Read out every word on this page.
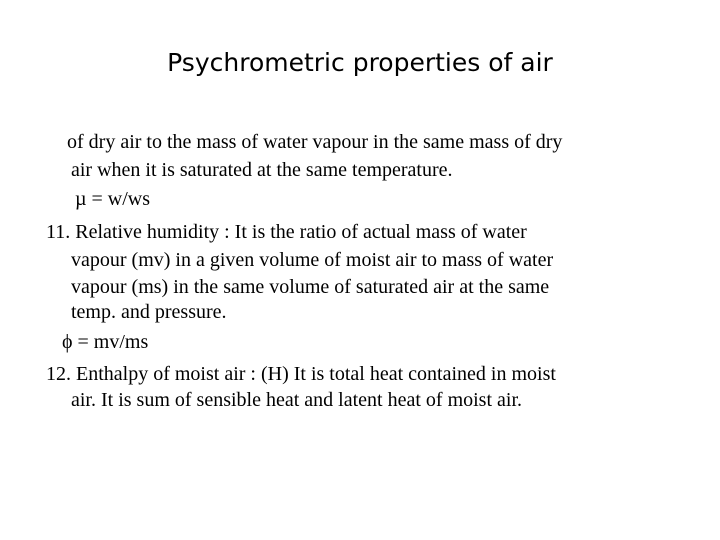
Psychrometric properties of air
of dry air to the mass of water vapour in the same mass of dry
air when it is saturated at the same temperature.
µ = w/ws
11. Relative humidity : It is the ratio of actual mass of water
vapour (mv) in a given volume of moist air to mass of water
vapour (ms) in the same volume of saturated air at the same
temp. and pressure.
ϕ = mv/ms
12. Enthalpy of moist air : (H) It is total heat contained in moist
air. It is sum of sensible heat and latent heat of moist air.
